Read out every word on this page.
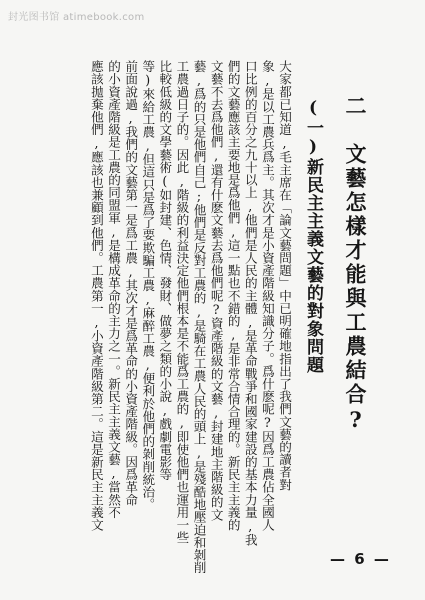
封光图书馆 atimebook.com
二　文藝怎樣才能與工農結合?
(一)新民主主義文藝的對象問題
大家都已知道,毛主席在「論文藝問題」中已明確地指出了我們文藝的讀者對
象,是以工農兵爲主。其次才是小資產階級知識分子。爲什麽呢?因爲工農佔全國人
口比例的百分之九十以上,他們是人民的主體,是革命戰爭和國家建設的基本力量,我
們的文藝應該主要地是爲他們,這一點也不錯的,是非常合情合理的。新民主主義的
文藝不去爲他們,還有什麽文藝去爲他們呢?資產階級的文藝,封建地主階級的文
藝,爲的只是他們自己;他們是反對工農的,是騎在工農人民的頭上,是殘酷地壓迫和剝削
工農過日子的。因此,階級的利益決定他們根本是不能爲工農的,即使他們也運用一些
比較低級的文學藝術(如封建、色情、發財、做夢之類的小說,戲劇電影等
等)來給工農,但這只是爲了要欺騙工農,麻醉工農,便利於他們的剝削統治。
前面說過,我們的文藝第一是爲工農,其次才是爲革命的小資產階級。因爲革命
的小資產階級是工農的同盟軍,是構成革命的主力之一。新民主主義文藝,當然不
應該拋棄他們,應該也兼顧到他們。工農第一,小資產階級第二。這是新民主主義文
— 6 —
